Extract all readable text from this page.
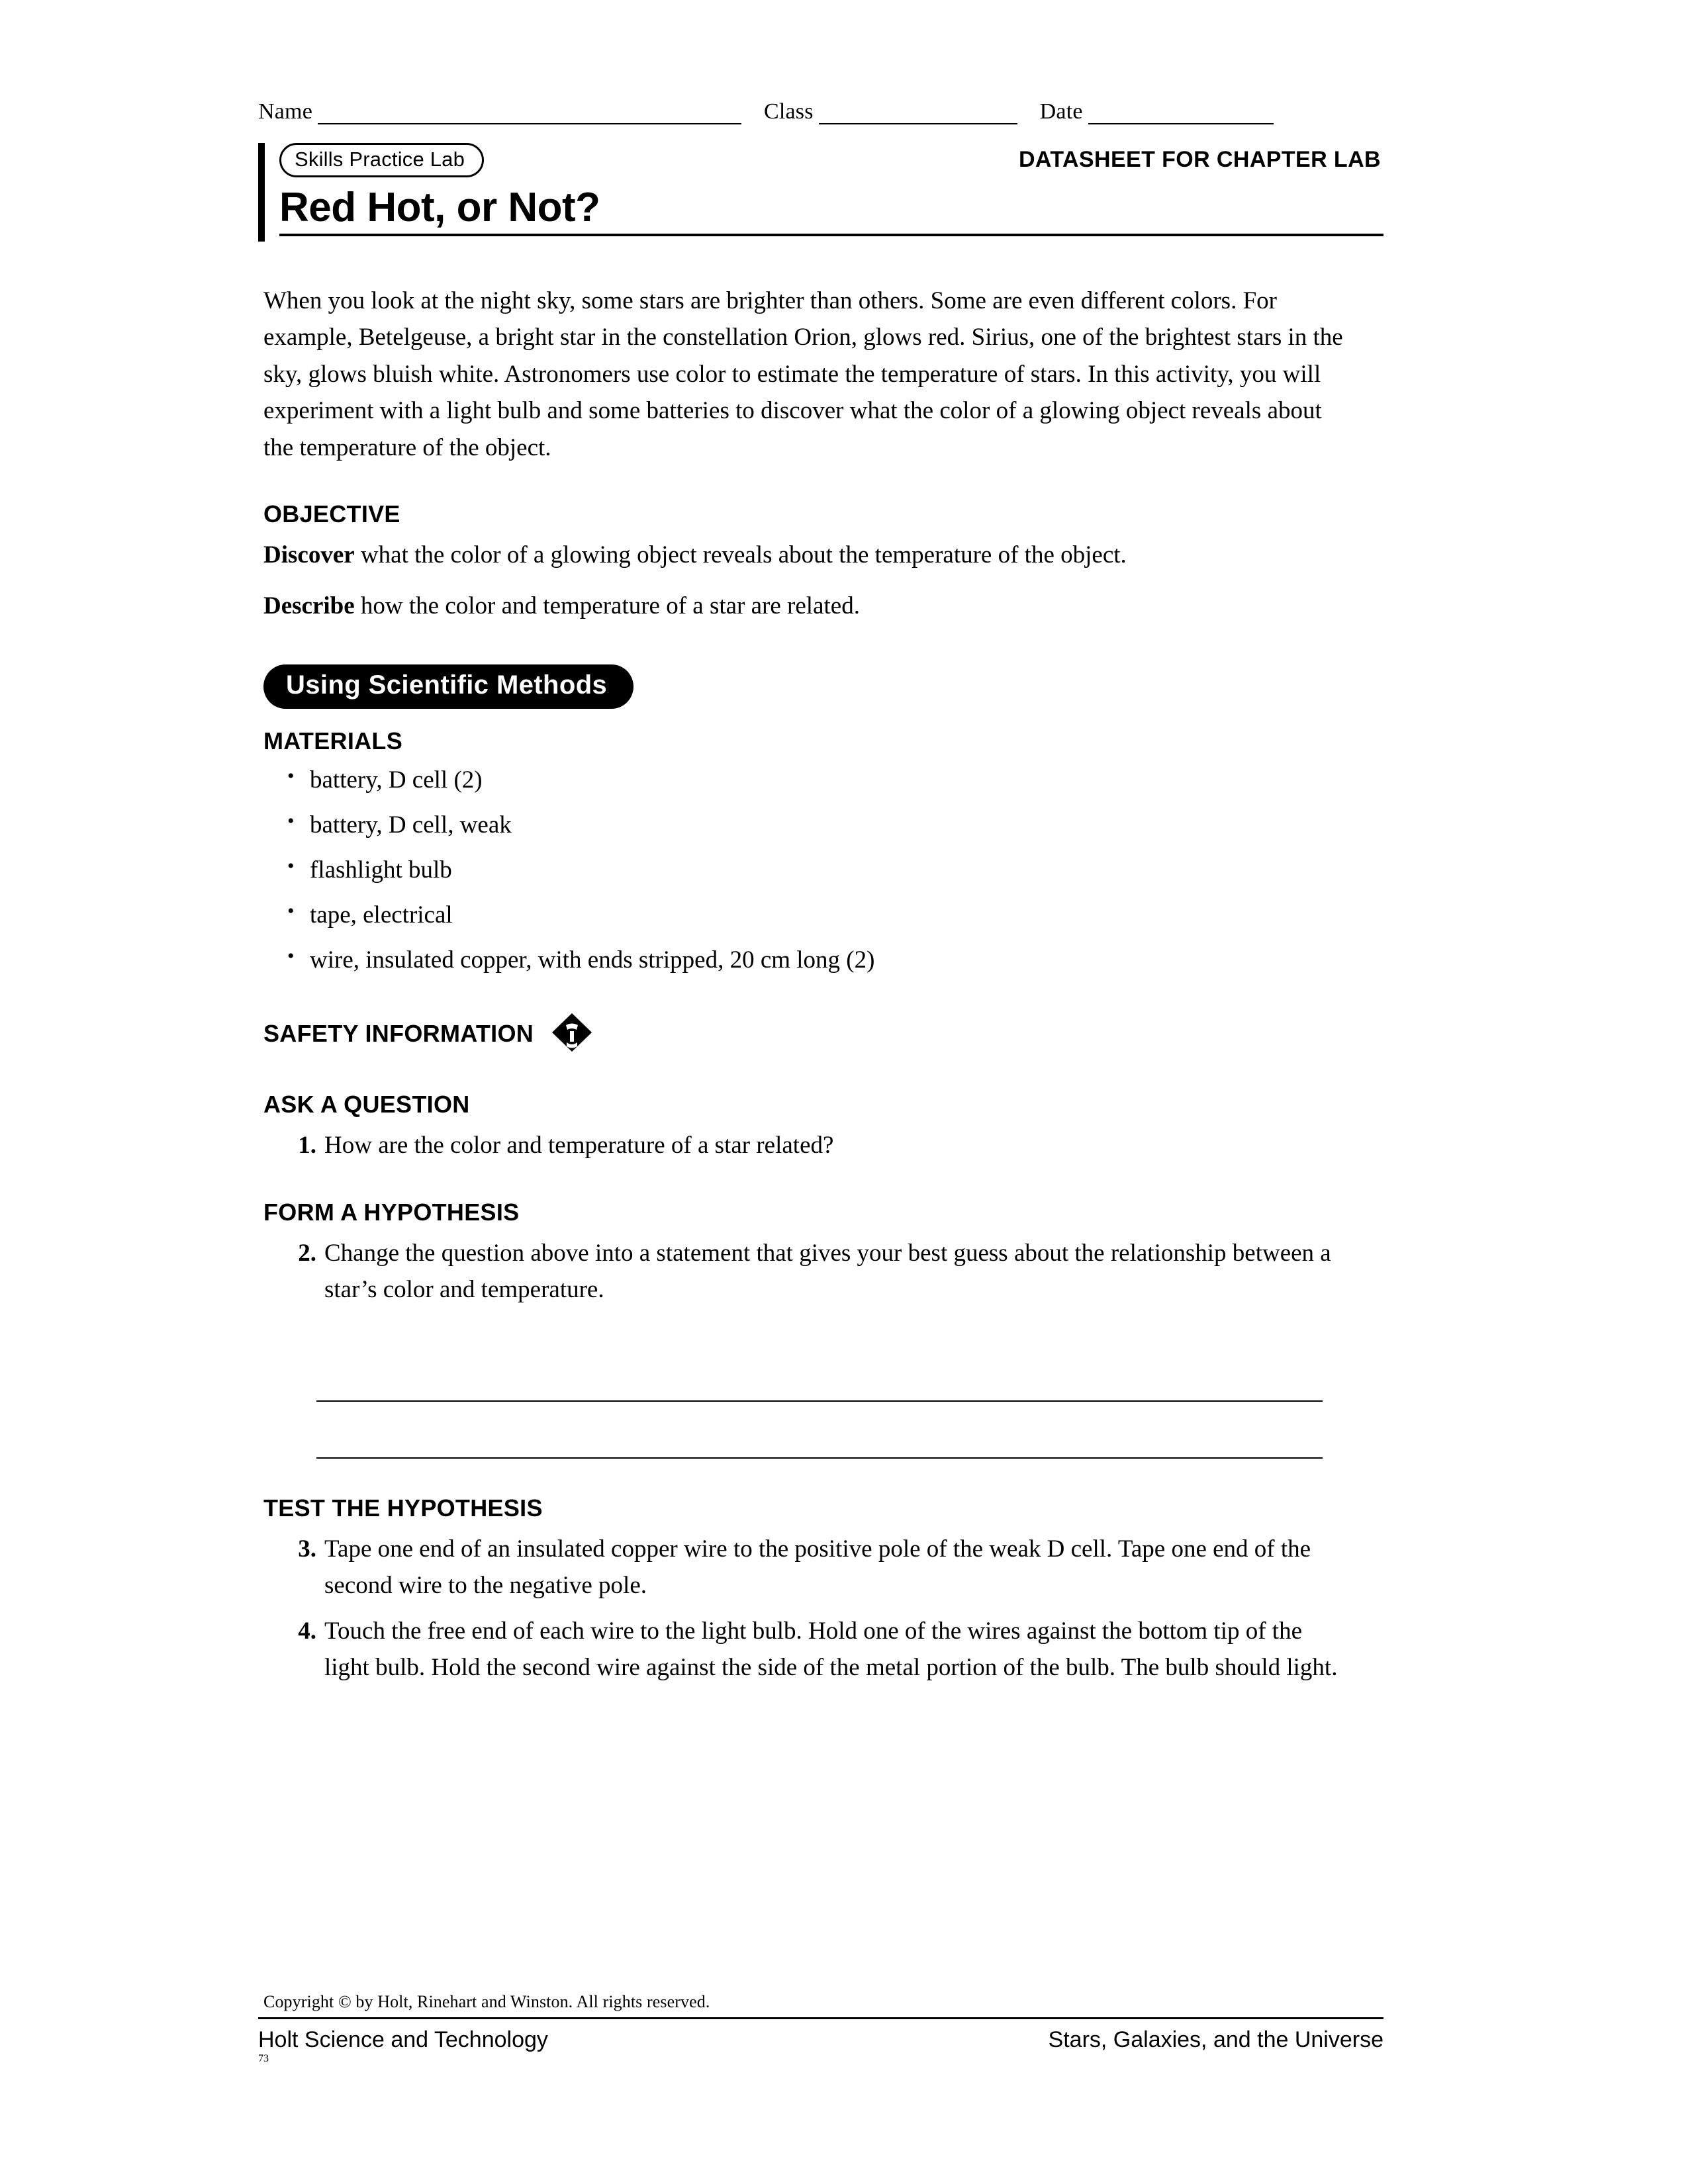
Name	Class	Date
Skills Practice Lab	DATASHEET FOR CHAPTER LAB
Red Hot, or Not?
When you look at the night sky, some stars are brighter than others. Some are even different colors. For example, Betelgeuse, a bright star in the constellation Orion, glows red. Sirius, one of the brightest stars in the sky, glows bluish white. Astronomers use color to estimate the temperature of stars. In this activity, you will experiment with a light bulb and some batteries to discover what the color of a glowing object reveals about the temperature of the object.
OBJECTIVE
Discover what the color of a glowing object reveals about the temperature of the object.
Describe how the color and temperature of a star are related.
Using Scientific Methods
MATERIALS
• battery, D cell (2)
• battery, D cell, weak
• flashlight bulb
• tape, electrical
• wire, insulated copper, with ends stripped, 20 cm long (2)
SAFETY INFORMATION
ASK A QUESTION
1. How are the color and temperature of a star related?
FORM A HYPOTHESIS
2. Change the question above into a statement that gives your best guess about the relationship between a star’s color and temperature.
TEST THE HYPOTHESIS
3. Tape one end of an insulated copper wire to the positive pole of the weak D cell. Tape one end of the second wire to the negative pole.
4. Touch the free end of each wire to the light bulb. Hold one of the wires against the bottom tip of the light bulb. Hold the second wire against the side of the metal portion of the bulb. The bulb should light.
Copyright © by Holt, Rinehart and Winston. All rights reserved.
Holt Science and Technology	Stars, Galaxies, and the Universe
73
